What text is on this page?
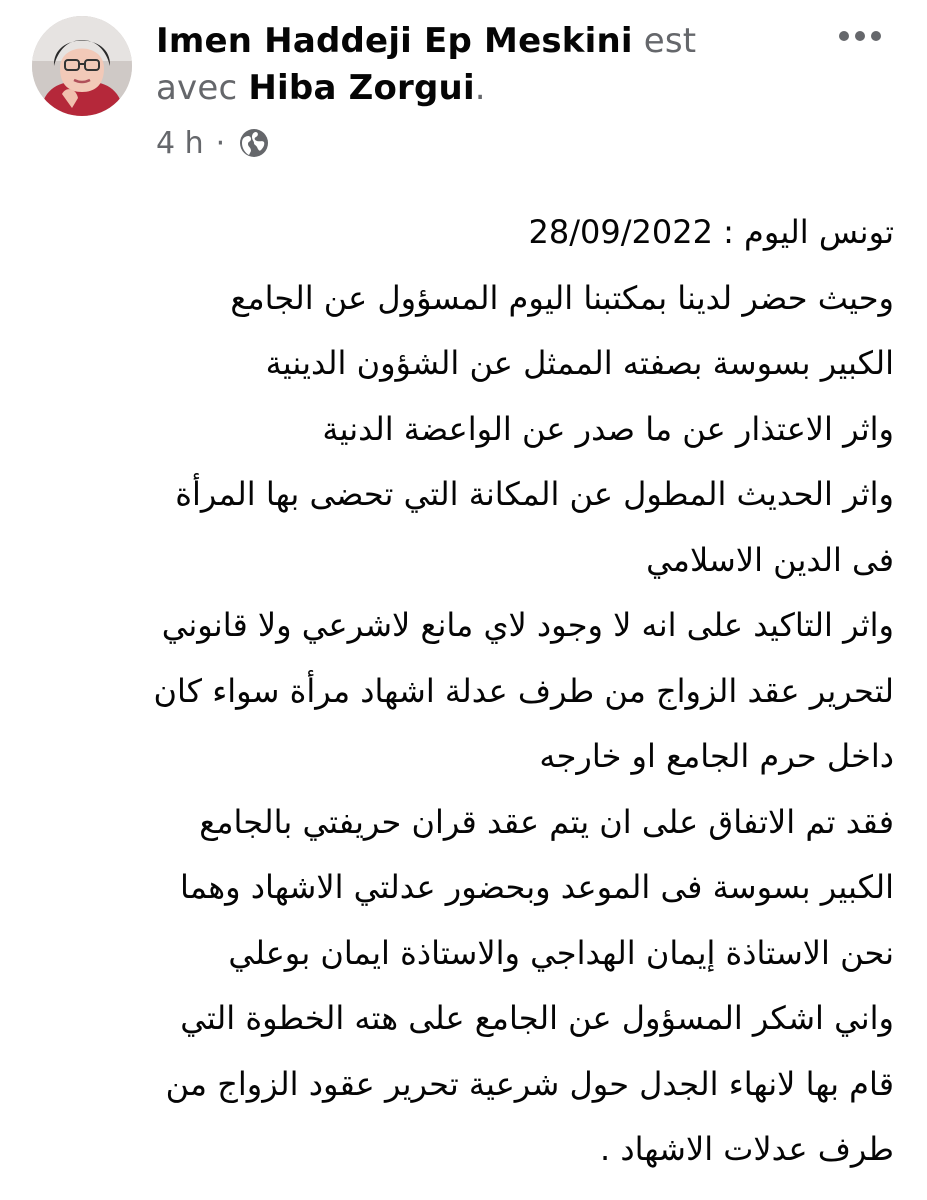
Imen Haddeji Ep Meskini est
avec Hiba Zorgui.
4 h ·
تونس اليوم : 28/09/2022
وحيث حضر لدينا بمكتبنا اليوم المسؤول عن الجامع
الكبير بسوسة بصفته الممثل عن الشؤون الدينية
واثر الاعتذار عن ما صدر عن الواعضة الدنية
واثر الحديث المطول عن المكانة التي تحضى بها المرأة
فى الدين الاسلامي
واثر التاكيد على انه لا وجود لاي مانع لاشرعي ولا قانوني
لتحرير عقد الزواج من طرف عدلة اشهاد مرأة سواء كان
داخل حرم الجامع او خارجه
فقد تم الاتفاق على ان يتم عقد قران حريفتي بالجامع
الكبير بسوسة فى الموعد وبحضور عدلتي الاشهاد وهما
نحن الاستاذة إيمان الهداجي والاستاذة ايمان بوعلي
واني اشكر المسؤول عن الجامع على هته الخطوة التي
قام بها لانهاء الجدل حول شرعية تحرير عقود الزواج من
طرف عدلات الاشهاد .
